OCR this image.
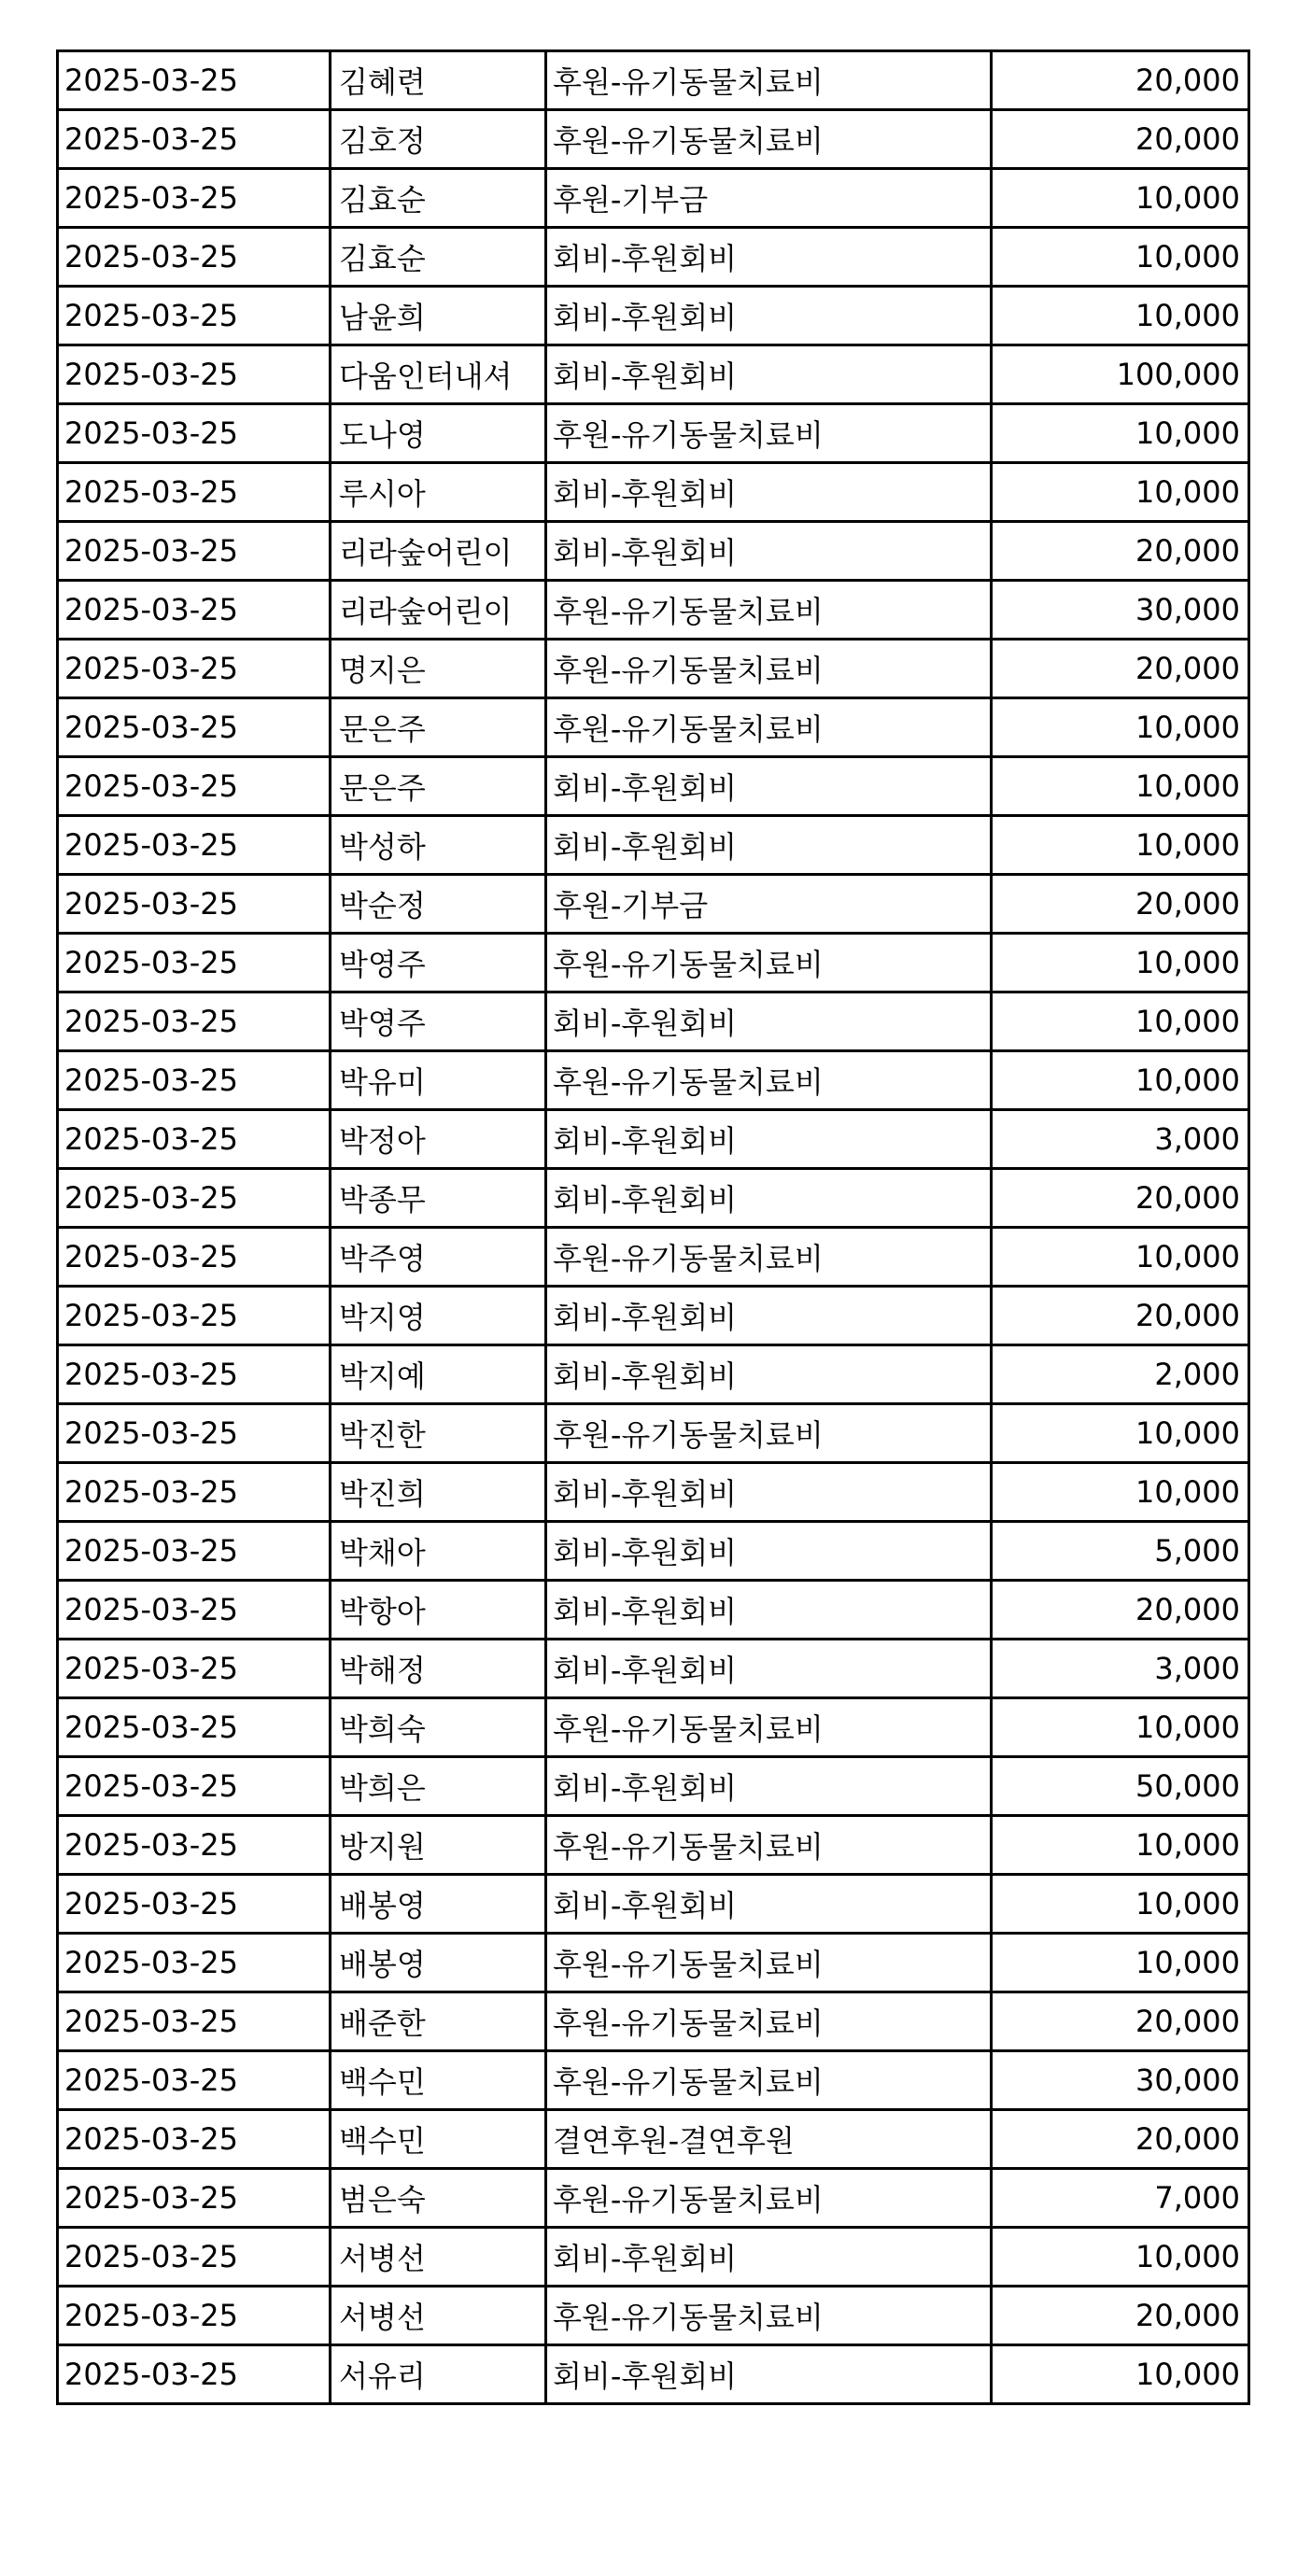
2025-03-25	김혜련	후원-유기동물치료비	20,000
2025-03-25	김호정	후원-유기동물치료비	20,000
2025-03-25	김효순	후원-기부금	10,000
2025-03-25	김효순	회비-후원회비	10,000
2025-03-25	남윤희	회비-후원회비	10,000
2025-03-25	다움인터내셔	회비-후원회비	100,000
2025-03-25	도나영	후원-유기동물치료비	10,000
2025-03-25	루시아	회비-후원회비	10,000
2025-03-25	리라숲어린이	회비-후원회비	20,000
2025-03-25	리라숲어린이	후원-유기동물치료비	30,000
2025-03-25	명지은	후원-유기동물치료비	20,000
2025-03-25	문은주	후원-유기동물치료비	10,000
2025-03-25	문은주	회비-후원회비	10,000
2025-03-25	박성하	회비-후원회비	10,000
2025-03-25	박순정	후원-기부금	20,000
2025-03-25	박영주	후원-유기동물치료비	10,000
2025-03-25	박영주	회비-후원회비	10,000
2025-03-25	박유미	후원-유기동물치료비	10,000
2025-03-25	박정아	회비-후원회비	3,000
2025-03-25	박종무	회비-후원회비	20,000
2025-03-25	박주영	후원-유기동물치료비	10,000
2025-03-25	박지영	회비-후원회비	20,000
2025-03-25	박지예	회비-후원회비	2,000
2025-03-25	박진한	후원-유기동물치료비	10,000
2025-03-25	박진희	회비-후원회비	10,000
2025-03-25	박채아	회비-후원회비	5,000
2025-03-25	박항아	회비-후원회비	20,000
2025-03-25	박해정	회비-후원회비	3,000
2025-03-25	박희숙	후원-유기동물치료비	10,000
2025-03-25	박희은	회비-후원회비	50,000
2025-03-25	방지원	후원-유기동물치료비	10,000
2025-03-25	배봉영	회비-후원회비	10,000
2025-03-25	배봉영	후원-유기동물치료비	10,000
2025-03-25	배준한	후원-유기동물치료비	20,000
2025-03-25	백수민	후원-유기동물치료비	30,000
2025-03-25	백수민	결연후원-결연후원	20,000
2025-03-25	범은숙	후원-유기동물치료비	7,000
2025-03-25	서병선	회비-후원회비	10,000
2025-03-25	서병선	후원-유기동물치료비	20,000
2025-03-25	서유리	회비-후원회비	10,000
